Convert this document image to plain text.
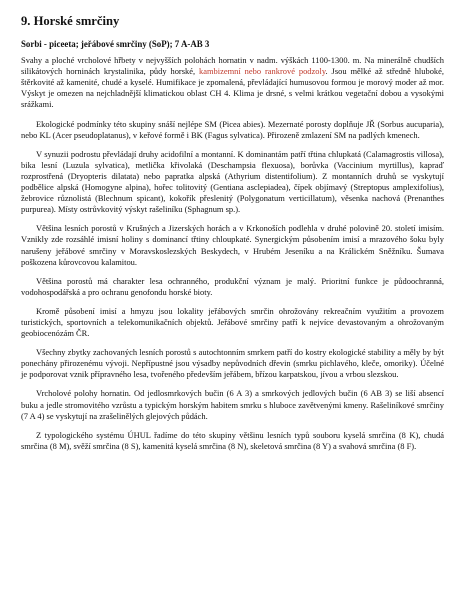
9. Horské smrčiny
Sorbi - piceeta; jeřábové smrčiny (SoP); 7 A-AB 3

Svahy a ploché vrcholové hřbety v nejvyšších polohách hornatin v nadm. výškách 1100-1300. m. Na minerálně chudších silikátových horninách krystalinika, půdy horské, kambizemní nebo rankrové podzoly. Jsou mělké až středně hluboké, štěrkovité až kamenité, chudé a kyselé. Humifikace je zpomalená, převládající humusovou formou je morový moder až mor. Výskyt je omezen na nejchladnější klimatickou oblast CH 4. Klima je drsné, s velmi krátkou vegetační dobou a vysokými srážkami.

Ekologické podmínky této skupiny snáší nejlépe SM (Picea abies). Mezernaté porosty doplňuje JŘ (Sorbus aucuparia), nebo KL (Acer pseudoplatanus), v keřové formě i BK (Fagus sylvatica). Přirozeně zmlazení SM na padlých kmenech.

V synuzii podrostu převládají druhy acidofilní a montanní. K dominantám patří třtina chlupkatá (Calamagrostis villosa), bika lesní (Luzula sylvatica), metlička křivolaká (Deschampsia flexuosa), borůvka (Vaccinium myrtillus), kapraď rozprostřená (Dryopteris dilatata) nebo papratka alpská (Athyrium distentifolium). Z montanních druhů se vyskytují podbělice alpská (Homogyne alpina), hořec tolitovitý (Gentiana asclepiadea), čípek objímavý (Streptopus amplexifolius), žebrovice různolistá (Blechnum spicant), kokořík přeslenitý (Polygonatum verticillatum), věsenka nachová (Prenanthes purpurea). Místy ostrůvkovitý výskyt rašeliníku (Sphagnum sp.).

Většina lesních porostů v Krušných a Jizerských horách a v Krkonoších podlehla v druhé polovině 20. století imisím. Vznikly zde rozsáhlé imisní holiny s dominancí třtiny chloupkaté. Synergickým působením imisí a mrazového šoku byly narušeny jeřábové smrčiny v Moravskoslezských Beskydech, v Hrubém Jeseníku a na Králickém Sněžníku. Šumava poškozena kůrovcovou kalamitou.

Většina porostů má charakter lesa ochranného, produkční význam je malý. Prioritní funkce je půdoochranná, vodohospodářská a pro ochranu genofondu horské bioty.

Kromě působení imisí a hmyzu jsou lokality jeřábových smrčin ohrožovány rekreačním využitím a provozem turistických, sportovních a telekomunikačních objektů. Jeřábové smrčiny patří k nejvíce devastovaným a ohrožovaným geobiocenózám ČR.

Všechny zbytky zachovaných lesních porostů s autochtonním smrkem patří do kostry ekologické stability a měly by být ponechány přirozenému vývoji. Nepřípustné jsou výsadby nepůvodních dřevin (smrku pichlavého, kleče, omoriky). Účelné je podporovat vznik přípravného lesa, tvořeného především jeřábem, břízou karpatskou, jívou a vrbou slezskou.

Vrcholové polohy hornatin. Od jedlosmrkových bučin (6 A 3) a smrkových jedlových bučin (6 AB 3) se liší absencí buku a jedle stromovitého vzrůstu a typickým horským habitem smrku s hluboce zavětvenými kmeny. Rašeliníkové smrčiny (7 A 4) se vyskytují na zrašelinělých glejových půdách.

Z typologického systému ÚHUL řadíme do této skupiny většinu lesních typů souboru kyselá smrčina (8 K), chudá smrčina (8 M), svěží smrčina (8 S), kamenitá kyselá smrčina (8 N), skeletová smrčina (8 Y) a svahová smrčina (8 F).
